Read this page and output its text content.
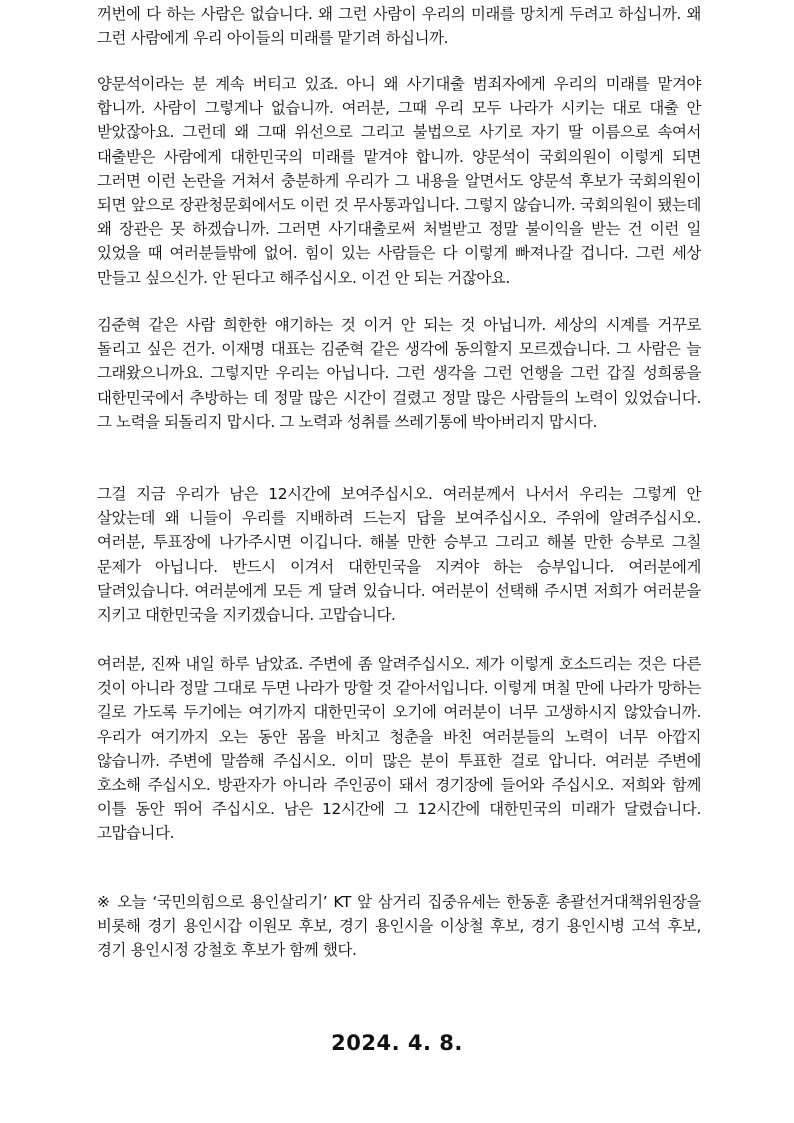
꺼번에 다 하는 사람은 없습니다. 왜 그런 사람이 우리의 미래를 망치게 두려고 하십니까. 왜 그런 사람에게 우리 아이들의 미래를 맡기려 하십니까.

양문석이라는 분 계속 버티고 있죠. 아니 왜 사기대출 범죄자에게 우리의 미래를 맡겨야 합니까. 사람이 그렇게나 없습니까. 여러분, 그때 우리 모두 나라가 시키는 대로 대출 안 받았잖아요. 그런데 왜 그때 위선으로 그리고 불법으로 사기로 자기 딸 이름으로 속여서 대출받은 사람에게 대한민국의 미래를 맡겨야 합니까. 양문석이 국회의원이 이렇게 되면 그러면 이런 논란을 거쳐서 충분하게 우리가 그 내용을 알면서도 양문석 후보가 국회의원이 되면 앞으로 장관청문회에서도 이런 것 무사통과입니다. 그렇지 않습니까. 국회의원이 됐는데 왜 장관은 못 하겠습니까. 그러면 사기대출로써 처벌받고 정말 불이익을 받는 건 이런 일 있었을 때 여러분들밖에 없어. 힘이 있는 사람들은 다 이렇게 빠져나갈 겁니다. 그런 세상 만들고 싶으신가. 안 된다고 해주십시오. 이건 안 되는 거잖아요.

김준혁 같은 사람 희한한 얘기하는 것 이거 안 되는 것 아닙니까. 세상의 시계를 거꾸로 돌리고 싶은 건가. 이재명 대표는 김준혁 같은 생각에 동의할지 모르겠습니다. 그 사람은 늘 그래왔으니까요. 그렇지만 우리는 아닙니다. 그런 생각을 그런 언행을 그런 갑질 성희롱을 대한민국에서 추방하는 데 정말 많은 시간이 걸렸고 정말 많은 사람들의 노력이 있었습니다. 그 노력을 되돌리지 맙시다. 그 노력과 성취를 쓰레기통에 박아버리지 맙시다.

그걸 지금 우리가 남은 12시간에 보여주십시오. 여러분께서 나서서 우리는 그렇게 안 살았는데 왜 니들이 우리를 지배하려 드는지 답을 보여주십시오. 주위에 알려주십시오. 여러분, 투표장에 나가주시면 이깁니다. 해볼 만한 승부고 그리고 해볼 만한 승부로 그칠 문제가 아닙니다. 반드시 이겨서 대한민국을 지켜야 하는 승부입니다. 여러분에게 달려있습니다. 여러분에게 모든 게 달려 있습니다. 여러분이 선택해 주시면 저희가 여러분을 지키고 대한민국을 지키겠습니다. 고맙습니다.

여러분, 진짜 내일 하루 남았죠. 주변에 좀 알려주십시오. 제가 이렇게 호소드리는 것은 다른 것이 아니라 정말 그대로 두면 나라가 망할 것 같아서입니다. 이렇게 며칠 만에 나라가 망하는 길로 가도록 두기에는 여기까지 대한민국이 오기에 여러분이 너무 고생하시지 않았습니까. 우리가 여기까지 오는 동안 몸을 바치고 청춘을 바친 여러분들의 노력이 너무 아깝지 않습니까. 주변에 말씀해 주십시오. 이미 많은 분이 투표한 걸로 압니다. 여러분 주변에 호소해 주십시오. 방관자가 아니라 주인공이 돼서 경기장에 들어와 주십시오. 저희와 함께 이틀 동안 뛰어 주십시오. 남은 12시간에 그 12시간에 대한민국의 미래가 달렸습니다. 고맙습니다.

※ 오늘 ‘국민의힘으로 용인살리기’ KT 앞 삼거리 집중유세는 한동훈 총괄선거대책위원장을 비롯해 경기 용인시갑 이원모 후보, 경기 용인시을 이상철 후보, 경기 용인시병 고석 후보, 경기 용인시정 강철호 후보가 함께 했다.

2024. 4. 8.
